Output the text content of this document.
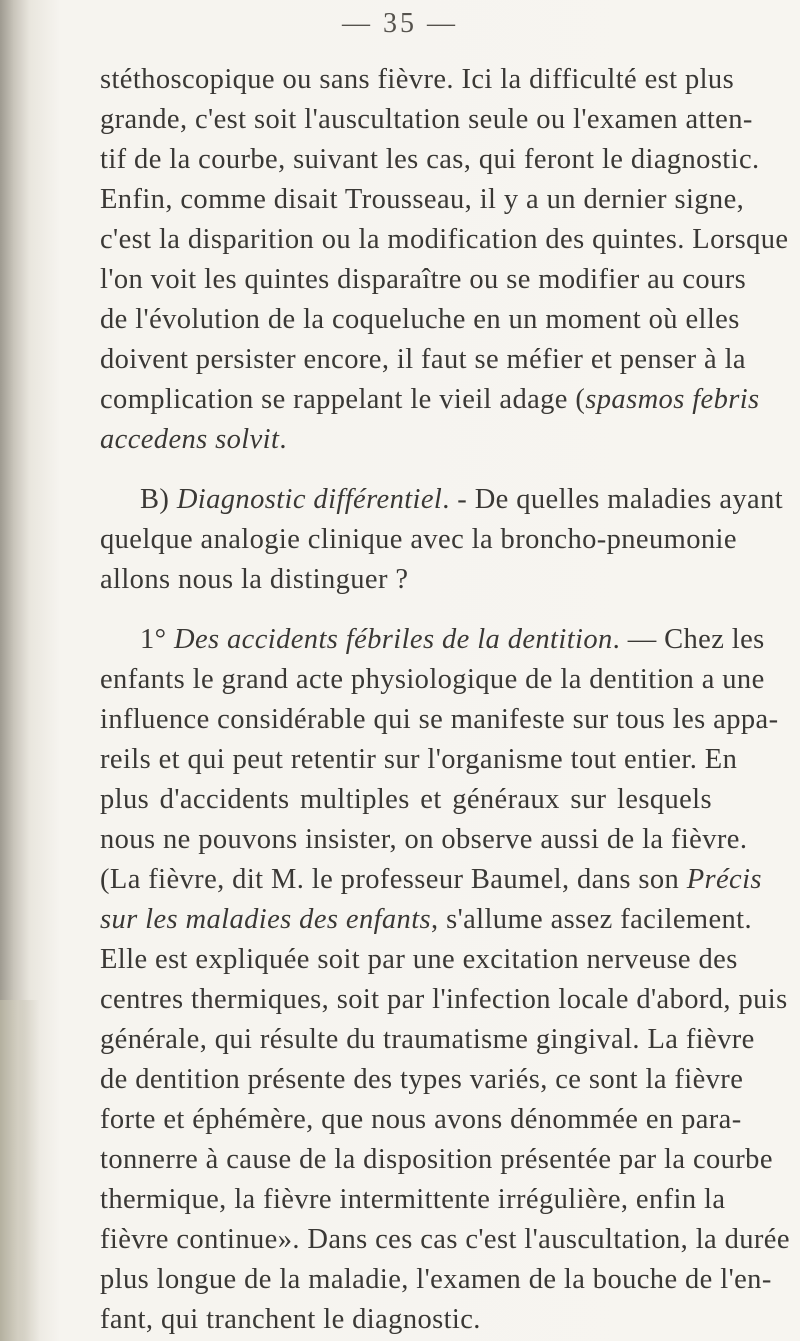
— 35 —
stéthoscopique ou sans fièvre. Ici la difficulté est plus
grande, c'est soit l'auscultation seule ou l'examen atten-
tif de la courbe, suivant les cas, qui feront le diagnostic.
Enfin, comme disait Trousseau, il y a un dernier signe,
c'est la disparition ou la modification des quintes. Lorsque
l'on voit les quintes disparaître ou se modifier au cours
de l'évolution de la coqueluche en un moment où elles
doivent persister encore, il faut se méfier et penser à la
complication se rappelant le vieil adage (spasmos febris
accedens solvit.
B) Diagnostic différentiel. - De quelles maladies ayant
quelque analogie clinique avec la broncho-pneumonie
allons nous la distinguer ?
1° Des accidents fébriles de la dentition. — Chez les
enfants le grand acte physiologique de la dentition a une
influence considérable qui se manifeste sur tous les appa-
reils et qui peut retentir sur l'organisme tout entier. En
plus d'accidents multiples et généraux sur lesquels
nous ne pouvons insister, on observe aussi de la fièvre.
(La fièvre, dit M. le professeur Baumel, dans son Précis
sur les maladies des enfants, s'allume assez facilement.
Elle est expliquée soit par une excitation nerveuse des
centres thermiques, soit par l'infection locale d'abord, puis
générale, qui résulte du traumatisme gingival. La fièvre
de dentition présente des types variés, ce sont la fièvre
forte et éphémère, que nous avons dénommée en para-
tonnerre à cause de la disposition présentée par la courbe
thermique, la fièvre intermittente irrégulière, enfin la
fièvre continue». Dans ces cas c'est l'auscultation, la durée
plus longue de la maladie, l'examen de la bouche de l'en-
fant, qui tranchent le diagnostic.
